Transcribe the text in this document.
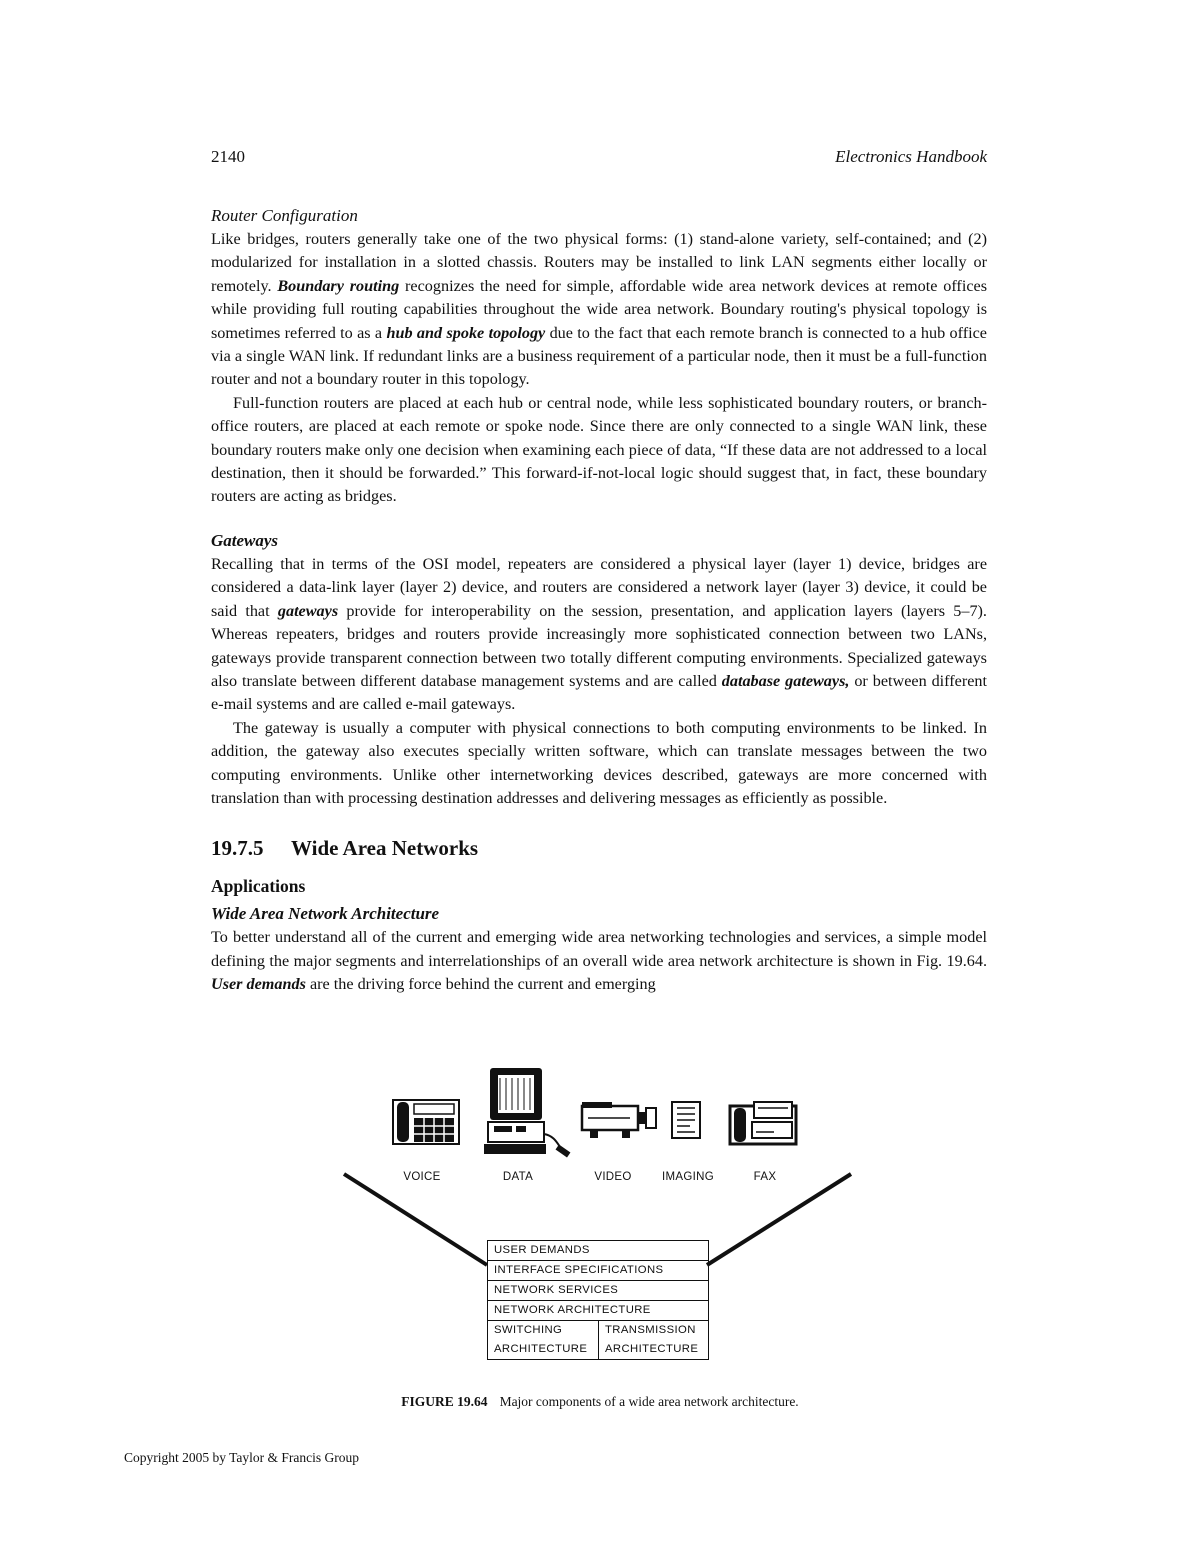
2140	Electronics Handbook
Router Configuration

Like bridges, routers generally take one of the two physical forms: (1) stand-alone variety, self-contained; and (2) modularized for installation in a slotted chassis. Routers may be installed to link LAN segments either locally or remotely. Boundary routing recognizes the need for simple, affordable wide area network devices at remote offices while providing full routing capabilities throughout the wide area network. Boundary routing's physical topology is sometimes referred to as a hub and spoke topology due to the fact that each remote branch is connected to a hub office via a single WAN link. If redundant links are a business requirement of a particular node, then it must be a full-function router and not a boundary router in this topology.

Full-function routers are placed at each hub or central node, while less sophisticated boundary routers, or branch-office routers, are placed at each remote or spoke node. Since there are only connected to a single WAN link, these boundary routers make only one decision when examining each piece of data, “If these data are not addressed to a local destination, then it should be forwarded.” This forward-if-not-local logic should suggest that, in fact, these boundary routers are acting as bridges.

Gateways

Recalling that in terms of the OSI model, repeaters are considered a physical layer (layer 1) device, bridges are considered a data-link layer (layer 2) device, and routers are considered a network layer (layer 3) device, it could be said that gateways provide for interoperability on the session, presentation, and application layers (layers 5–7). Whereas repeaters, bridges and routers provide increasingly more sophisticated connection between two LANs, gateways provide transparent connection between two totally different computing environments. Specialized gateways also translate between different database management systems and are called database gateways, or between different e-mail systems and are called e-mail gateways.

The gateway is usually a computer with physical connections to both computing environments to be linked. In addition, the gateway also executes specially written software, which can translate messages between the two computing environments. Unlike other internetworking devices described, gateways are more concerned with translation than with processing destination addresses and delivering messages as efficiently as possible.

19.7.5 Wide Area Networks
Applications
Wide Area Network Architecture

To better understand all of the current and emerging wide area networking technologies and services, a simple model defining the major segments and interrelationships of an overall wide area network architecture is shown in Fig. 19.64. User demands are the driving force behind the current and emerging

VOICE	DATA	VIDEO	IMAGING	FAX
USER DEMANDS
INTERFACE SPECIFICATIONS
NETWORK SERVICES
NETWORK ARCHITECTURE
SWITCHING
ARCHITECTURE
TRANSMISSION
ARCHITECTURE
FIGURE 19.64 Major components of a wide area network architecture.
Copyright 2005 by Taylor & Francis Group
